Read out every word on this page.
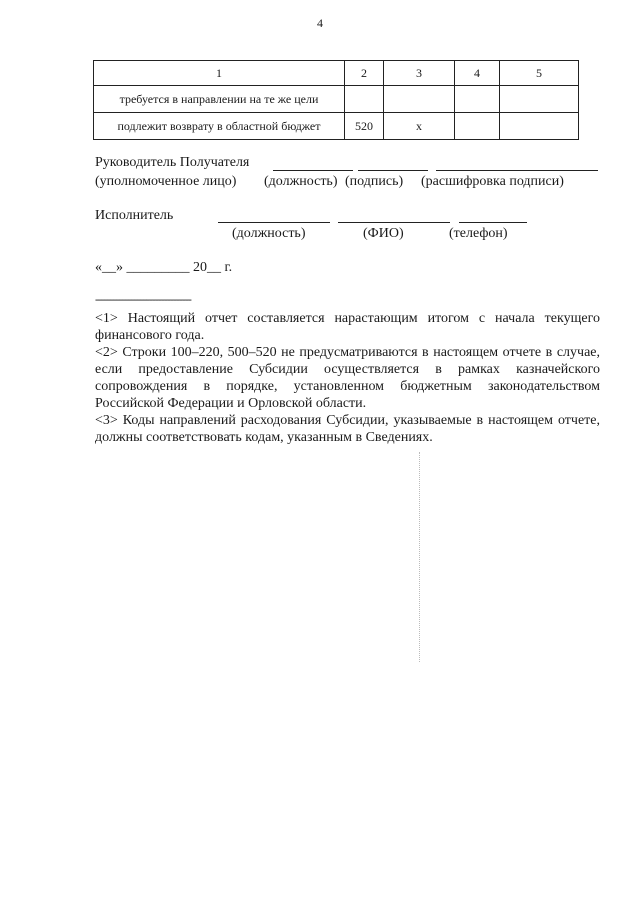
4
1	2	3	4	5
требуется в направлении на те же цели				
подлежит возврату в областной бюджет	520	х		
Руководитель Получателя
(уполномоченное лицо) (должность) (подпись) (расшифровка подписи)
Исполнитель
(должность)	(ФИО)	(телефон)
«__» _________ 20__ г.
--------------------------------

<1> Настоящий отчет составляется нарастающим итогом с начала текущего финансового года.

<2> Строки 100–220, 500–520 не предусматриваются в настоящем отчете в случае, если предоставление Субсидии осуществляется в рамках казначейского сопровождения в порядке, установленном бюджетным законодательством Российской Федерации и Орловской области.

<3> Коды направлений расходования Субсидии, указываемые в настоящем отчете, должны соответствовать кодам, указанным в Сведениях.
